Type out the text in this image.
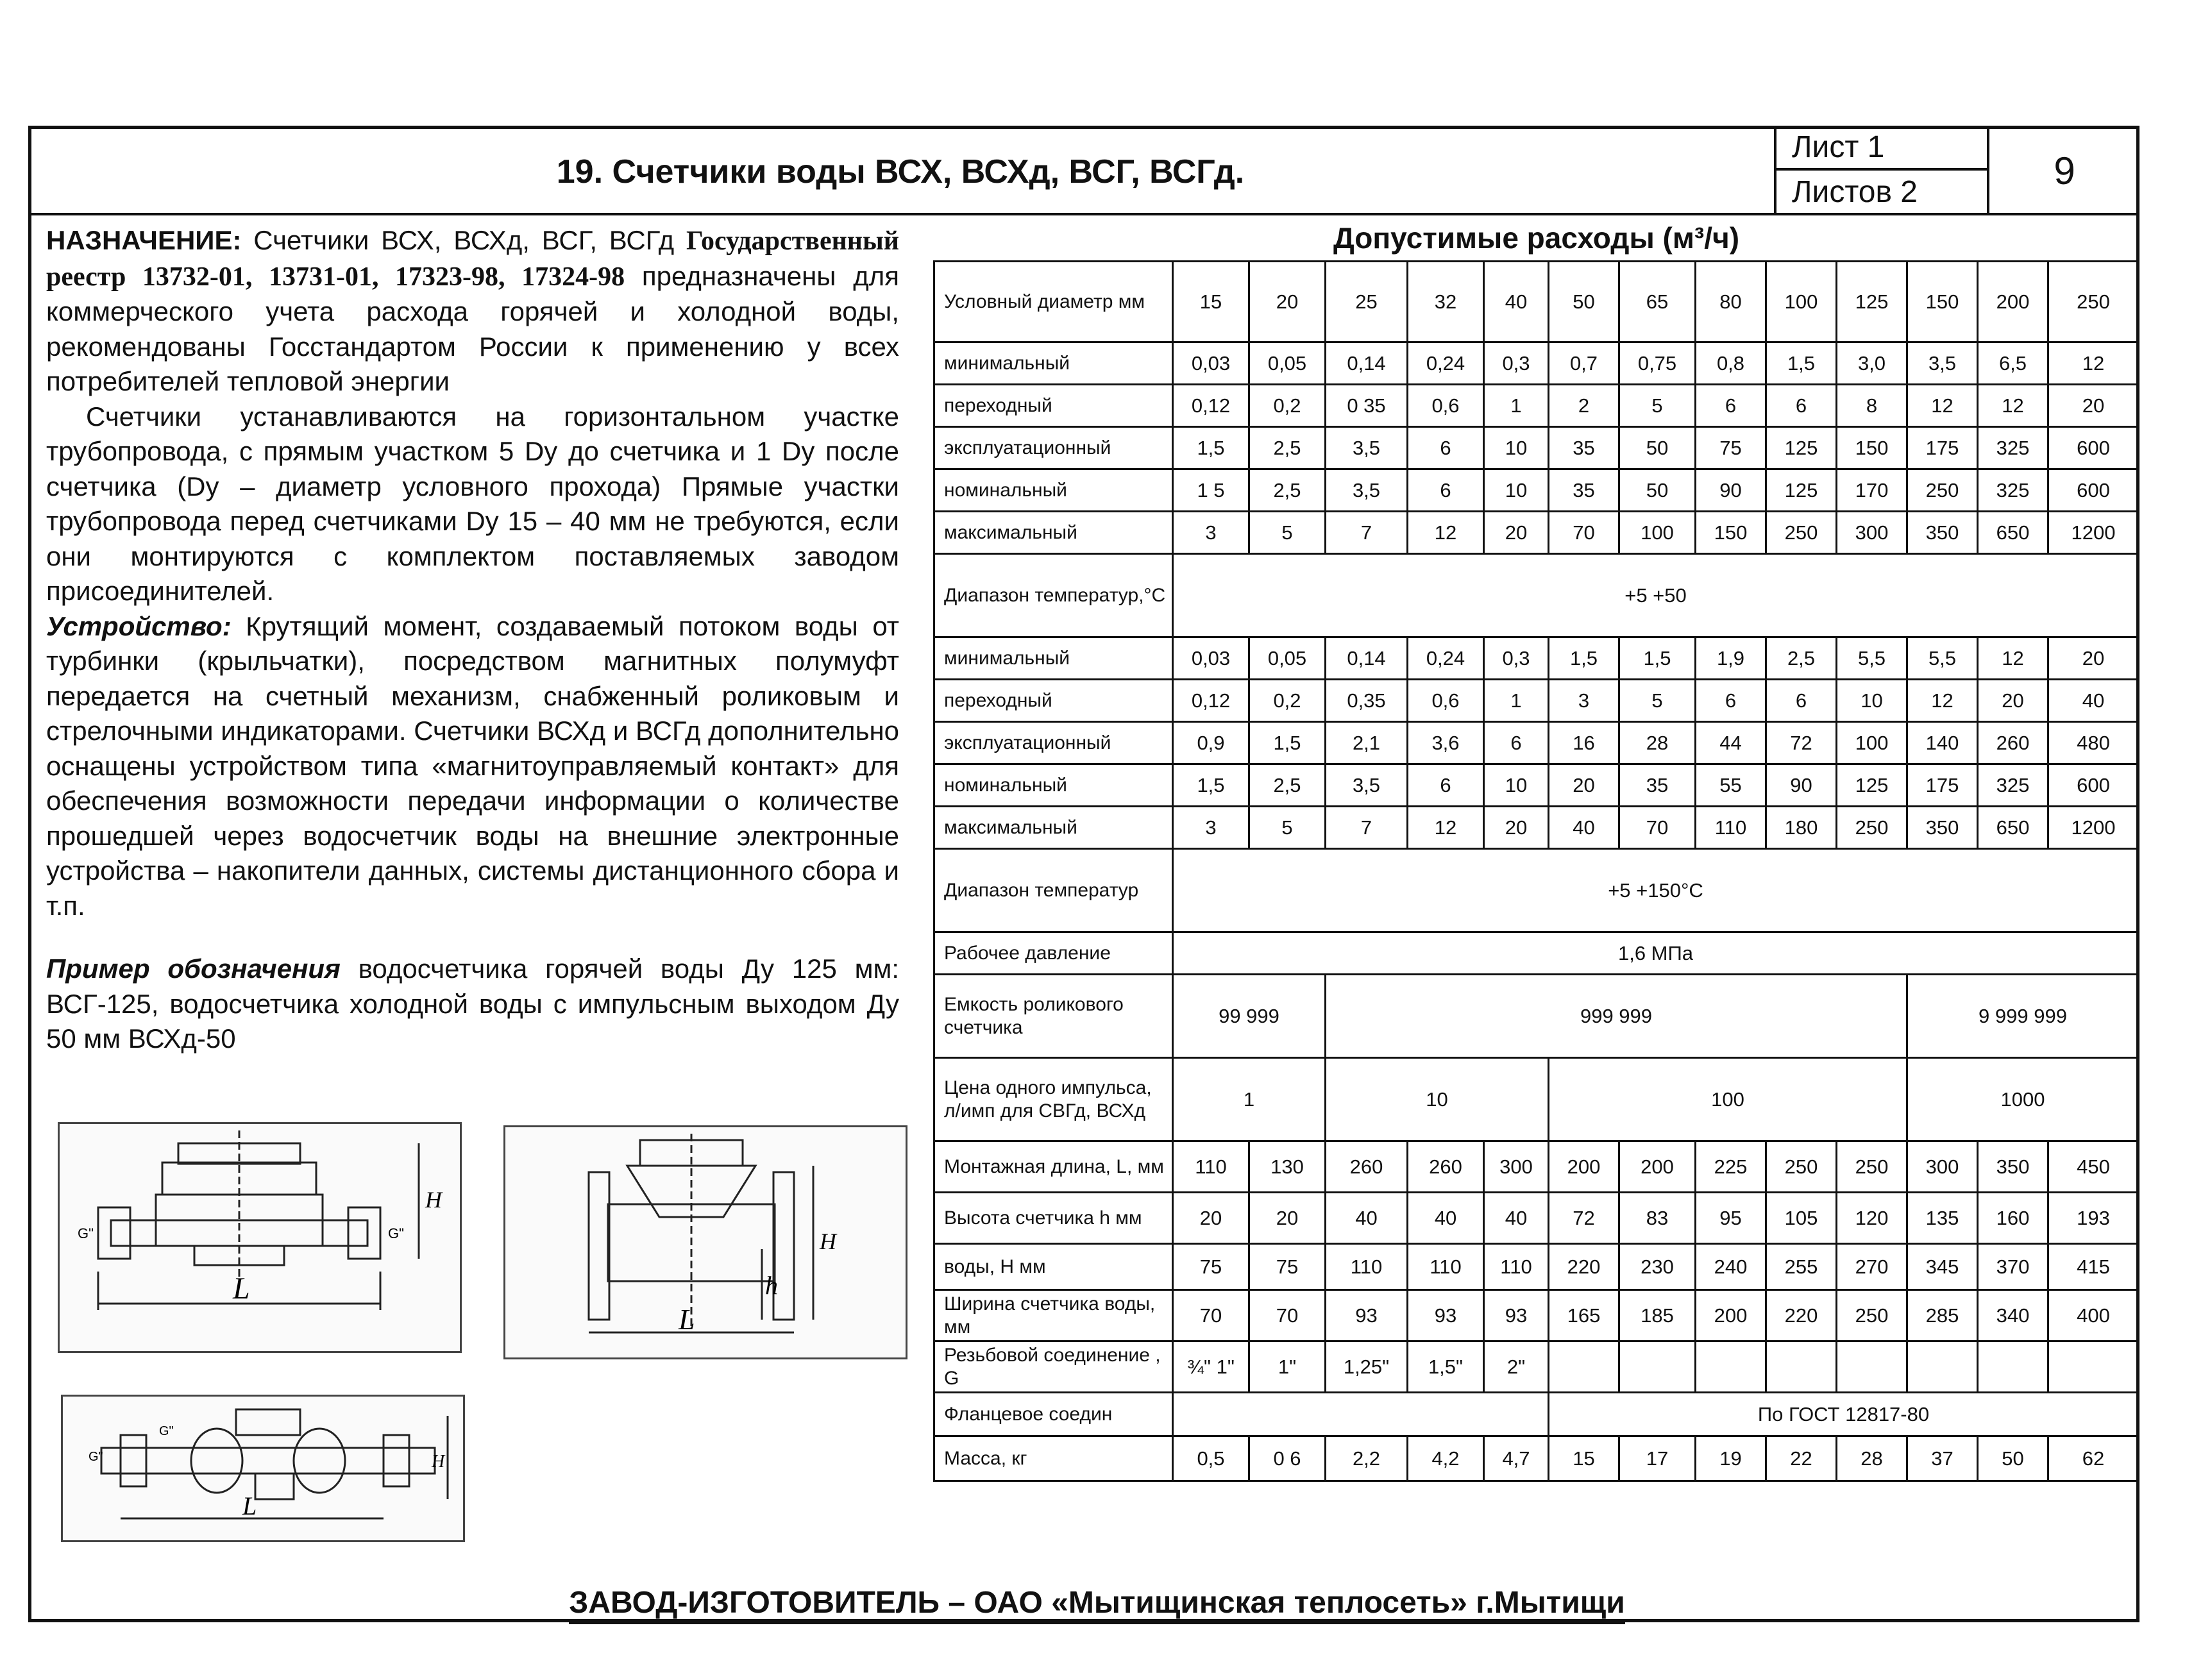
19. Счетчики воды ВСХ, ВСХд, ВСГ, ВСГд.
Лист 1
Листов 2	9

НАЗНАЧЕНИЕ: Счетчики ВСХ, ВСХд, ВСГ, ВСГд Государственный реестр 13732-01, 13731-01, 17323-98, 17324-98 предназначены для коммерческого учета расхода горячей и холодной воды, рекомендованы Госстандартом России к применению у всех потребителей тепловой энергии

Счетчики устанавливаются на горизонтальном участке трубопровода, с прямым участком 5 Dy до счетчика и 1 Dy после счетчика (Dy – диаметр условного прохода) Прямые участки трубопровода перед счетчиками Dy 15 – 40 мм не требуются, если они монтируются с комплектом поставляемых заводом присоединителей.

Устройство: Крутящий момент, создаваемый потоком воды от турбинки (крыльчатки), посредством магнитных полумуфт передается на счетный механизм, снабженный роликовым и стрелочными индикаторами. Счетчики ВСХд и ВСГд дополнительно оснащены устройством типа «магнитоуправляемый контакт» для обеспечения возможности передачи информации о количестве прошедшей через водосчетчик воды на внешние электронные устройства – накопители данных, системы дистанционного сбора и т.п.

Пример обозначения водосчетчика горячей воды Ду 125 мм: ВСГ-125, водосчетчика холодной воды с импульсным выходом Ду 50 мм ВСХд-50

L
H
G"	G"
L
h
H
L
H
G"
G"
Допустимые расходы (м³/ч)
Условный диаметр мм	15	20	25	32	40	50	65	80	100	125	150	200	250
минимальный	0,03	0,05	0,14	0,24	0,3	0,7	0,75	0,8	1,5	3,0	3,5	6,5	12
переходный	0,12	0,2	0 35	0,6	1	2	5	6	6	8	12	12	20
эксплуатационный	1,5	2,5	3,5	6	10	35	50	75	125	150	175	325	600
номинальный	1 5	2,5	3,5	6	10	35	50	90	125	170	250	325	600
максимальный	3	5	7	12	20	70	100	150	250	300	350	650	1200
Диапазон температур,°С	+5 +50												
минимальный	0,03	0,05	0,14	0,24	0,3	1,5	1,5	1,9	2,5	5,5	5,5	12	20
переходный	0,12	0,2	0,35	0,6	1	3	5	6	6	10	12	20	40
эксплуатационный	0,9	1,5	2,1	3,6	6	16	28	44	72	100	140	260	480
номинальный	1,5	2,5	3,5	6	10	20	35	55	90	125	175	325	600
максимальный	3	5	7	12	20	40	70	110	180	250	350	650	1200
Диапазон температур	+5 +150°С												
Рабочее давление	1,6 МПа												
Емкость роликового счетчика	99 999		999 999								9 999 999		
Цена одного импульса, л/имп для СВГд, ВСХд	1		10			100					1000		
Монтажная длина, L, мм	110	130	260	260	300	200	200	225	250	250	300	350	450
Высота счетчика h мм	20	20	40	40	40	72	83	95	105	120	135	160	193
воды, H мм	75	75	110	110	110	220	230	240	255	270	345	370	415
Ширина счетчика воды, мм	70	70	93	93	93	165	185	200	220	250	285	340	400
Резьбовой соединение , G	¾" 1"	1"	1,25"	1,5"	2"								
Фланцевое соедин						По ГОСТ 12817-80							
Масса, кг	0,5	0 6	2,2	4,2	4,7	15	17	19	22	28	37	50	62
ЗАВОД-ИЗГОТОВИТЕЛЬ – ОАО «Мытищинская теплосеть» г.Мытищи
